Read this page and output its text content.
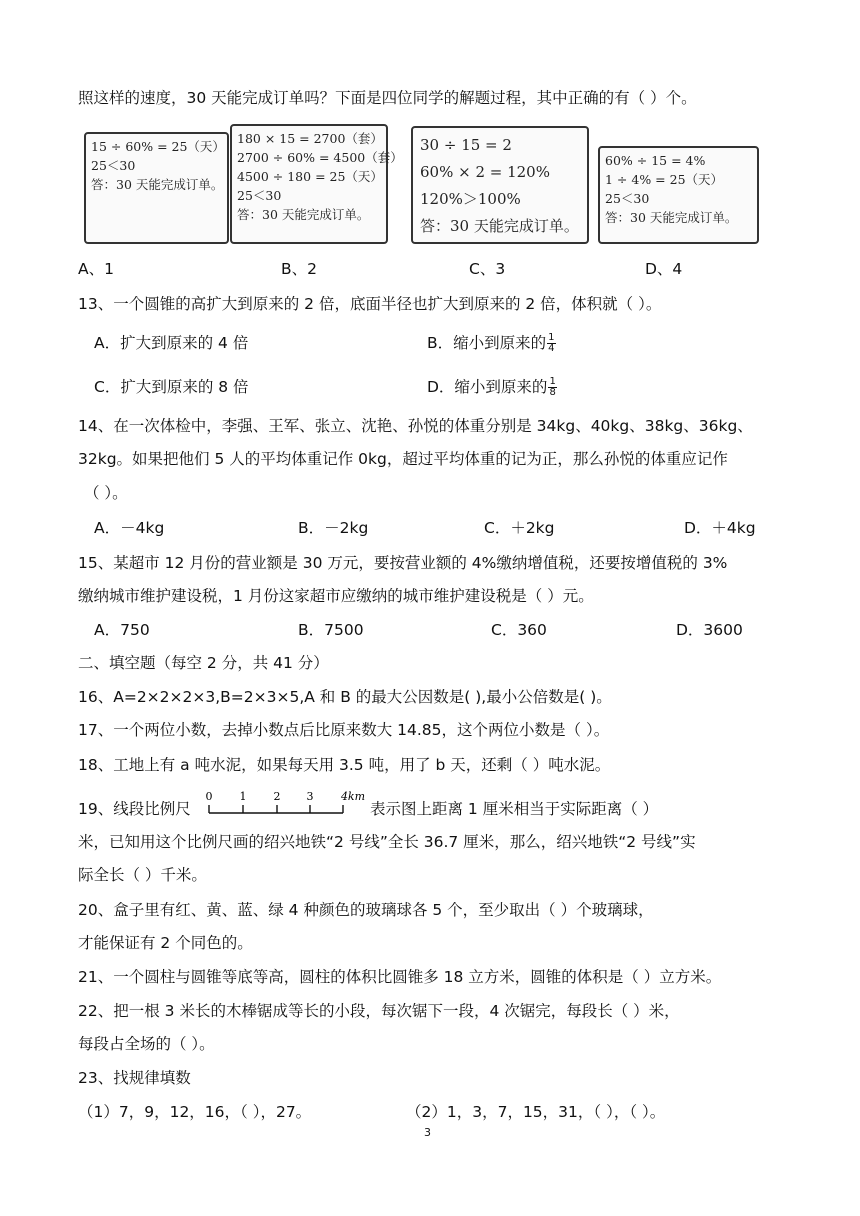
照这样的速度，30 天能完成订单吗？下面是四位同学的解题过程，其中正确的有（ ）个。
15 ÷ 60% = 25（天）
25＜30
答：30 天能完成订单。
180 × 15 = 2700（套）
2700 ÷ 60% = 4500（套）
4500 ÷ 180 = 25（天）
25＜30
答：30 天能完成订单。
30 ÷ 15 = 2
60% × 2 = 120%
120%＞100%
答：30 天能完成订单。
60% ÷ 15 = 4%
1 ÷ 4% = 25（天）
25＜30
答：30 天能完成订单。
A、1	B、2	C、3	D、4
13、一个圆锥的高扩大到原来的 2 倍，底面半径也扩大到原来的 2 倍，体积就（ ）。
A．扩大到原来的 4 倍	B．缩小到原来的 $\frac{1}{4}$
C．扩大到原来的 8 倍	D．缩小到原来的 $\frac{1}{8}$
14、在一次体检中，李强、王军、张立、沈艳、孙悦的体重分别是 34kg、40kg、38kg、36kg、
32kg。如果把他们 5 人的平均体重记作 0kg，超过平均体重的记为正，那么孙悦的体重应记作
（ ）。
A．－4kg	B．－2kg	C．＋2kg	D．＋4kg
15、某超市 12 月份的营业额是 30 万元，要按营业额的 4%缴纳增值税，还要按增值税的 3%
缴纳城市维护建设税，1 月份这家超市应缴纳的城市维护建设税是（ ）元。
A．750	B．7500	C．360	D．3600
二、填空题（每空 2 分，共 41 分）
16、A=2×2×2×3,B=2×3×5,A 和 B 的最大公因数是( ),最小公倍数是( )。
17、一个两位小数，去掉小数点后比原来数大 14.85，这个两位小数是（ ）。
18、工地上有 a 吨水泥，如果每天用 3.5 吨，用了 b 天，还剩（ ）吨水泥。
19、线段比例尺
0 1 2 3 4km
表示图上距离 1 厘米相当于实际距离（ ）
米，已知用这个比例尺画的绍兴地铁“2 号线”全长 36.7 厘米，那么，绍兴地铁“2 号线”实
际全长（ ）千米。
20、盒子里有红、黄、蓝、绿 4 种颜色的玻璃球各 5 个，至少取出（ ）个玻璃球，
才能保证有 2 个同色的。
21、一个圆柱与圆锥等底等高，圆柱的体积比圆锥多 18 立方米，圆锥的体积是（ ）立方米。
22、把一根 3 米长的木棒锯成等长的小段，每次锯下一段，4 次锯完，每段长（ ）米，
每段占全场的（ ）。
23、找规律填数
（1）7，9，12，16，（ ），27。	（2）1，3，7，15，31，（ ），（ ）。
3
